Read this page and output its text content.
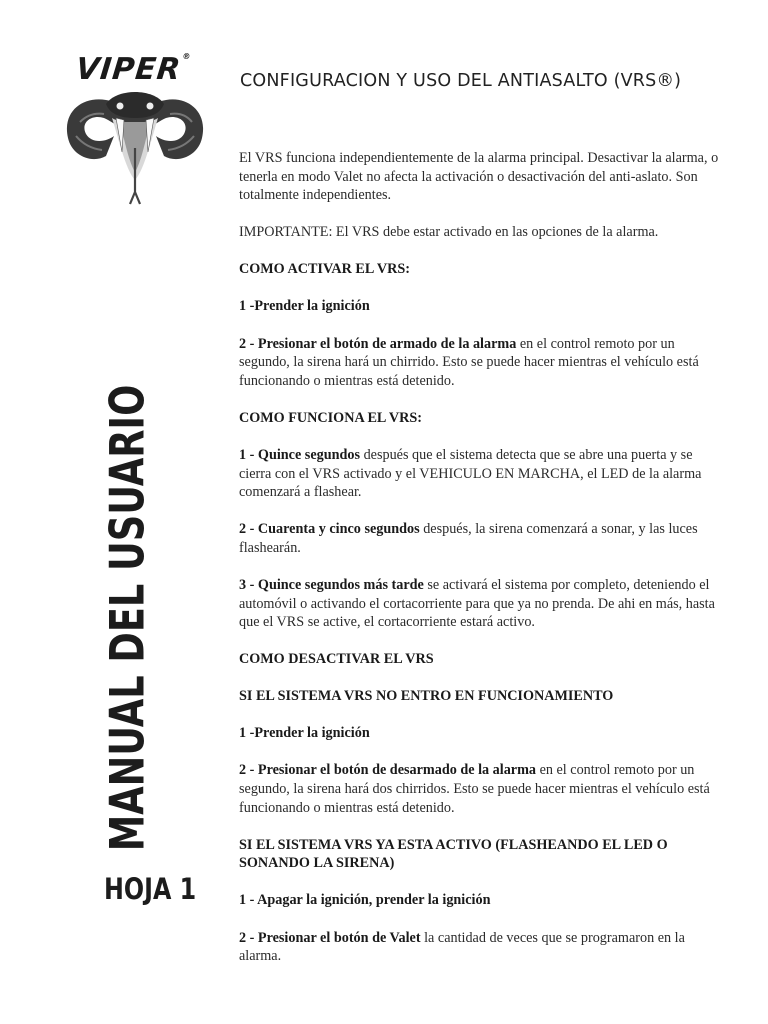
VIPER®
CONFIGURACION Y USO DEL ANTIASALTO (VRS®)
MANUAL DEL USUARIO
HOJA 1

El VRS funciona independientemente de la alarma principal. Desactivar la alarma, o tenerla en modo Valet no afecta la activación o desactivación del anti-aslato. Son totalmente independientes.

IMPORTANTE: El VRS debe estar activado en las opciones de la alarma.

COMO ACTIVAR EL VRS:

1 -Prender la ignición

2 - Presionar el botón de armado de la alarma en el control remoto por un segundo, la sirena hará un chirrido. Esto se puede hacer mientras el vehículo está funcionando o mientras está detenido.

COMO FUNCIONA EL VRS:

1 - Quince segundos después que el sistema detecta que se abre una puerta y se cierra con el VRS activado y el VEHICULO EN MARCHA, el LED de la alarma comenzará a flashear.

2 - Cuarenta y cinco segundos después, la sirena comenzará a sonar, y las luces flashearán.

3 - Quince segundos más tarde se activará el sistema por completo, deteniendo el automóvil o activando el cortacorriente para que ya no prenda. De ahi en más, hasta que el VRS se active, el cortacorriente estará activo.

COMO DESACTIVAR EL VRS

SI EL SISTEMA VRS NO ENTRO EN FUNCIONAMIENTO

1 -Prender la ignición

2 - Presionar el botón de desarmado de la alarma en el control remoto por un segundo, la sirena hará dos chirridos. Esto se puede hacer mientras el vehículo está funcionando o mientras está detenido.

SI EL SISTEMA VRS YA ESTA ACTIVO (FLASHEANDO EL LED O SONANDO LA SIRENA)

1 - Apagar la ignición, prender la ignición

2 - Presionar el botón de Valet la cantidad de veces que se programaron en la alarma.
